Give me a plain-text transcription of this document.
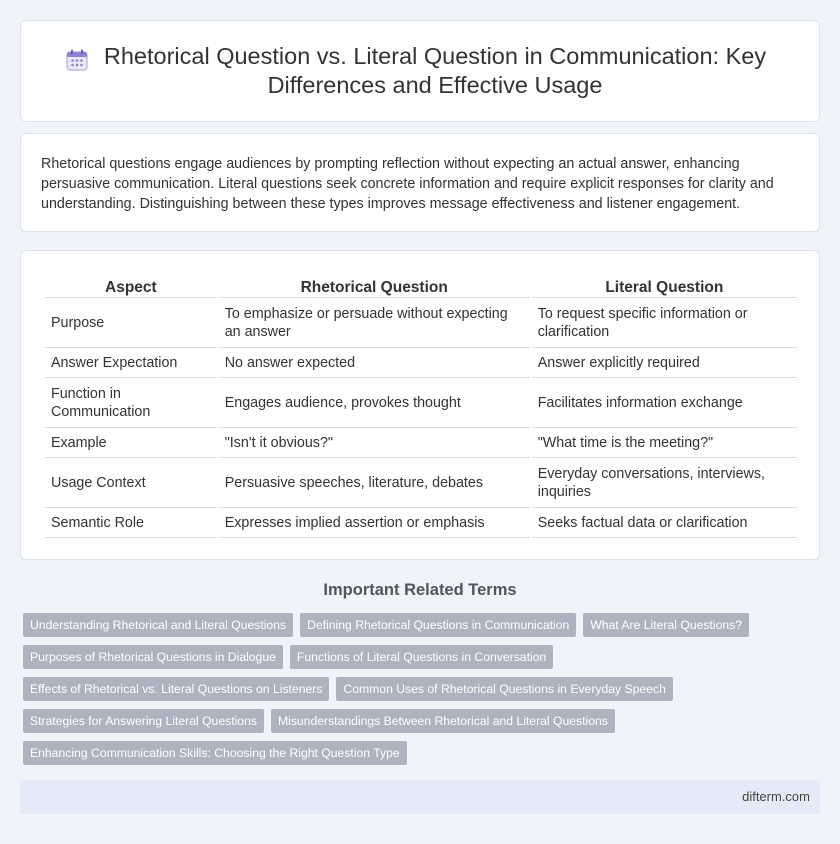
Rhetorical Question vs. Literal Question in Communication: Key Differences and Effective Usage

Rhetorical questions engage audiences by prompting reflection without expecting an actual answer, enhancing persuasive communication. Literal questions seek concrete information and require explicit responses for clarity and understanding. Distinguishing between these types improves message effectiveness and listener engagement.

Aspect	Rhetorical Question	Literal Question
Purpose	To emphasize or persuade without expecting an answer	To request specific information or clarification
Answer Expectation	No answer expected	Answer explicitly required
Function in Communication	Engages audience, provokes thought	Facilitates information exchange
Example	"Isn't it obvious?"	"What time is the meeting?"
Usage Context	Persuasive speeches, literature, debates	Everyday conversations, interviews, inquiries
Semantic Role	Expresses implied assertion or emphasis	Seeks factual data or clarification
Important Related Terms
Understanding Rhetorical and Literal Questions	Defining Rhetorical Questions in Communication	What Are Literal Questions?
Purposes of Rhetorical Questions in Dialogue	Functions of Literal Questions in Conversation
Effects of Rhetorical vs. Literal Questions on Listeners	Common Uses of Rhetorical Questions in Everyday Speech
Strategies for Answering Literal Questions	Misunderstandings Between Rhetorical and Literal Questions
Enhancing Communication Skills: Choosing the Right Question Type
difterm.com
